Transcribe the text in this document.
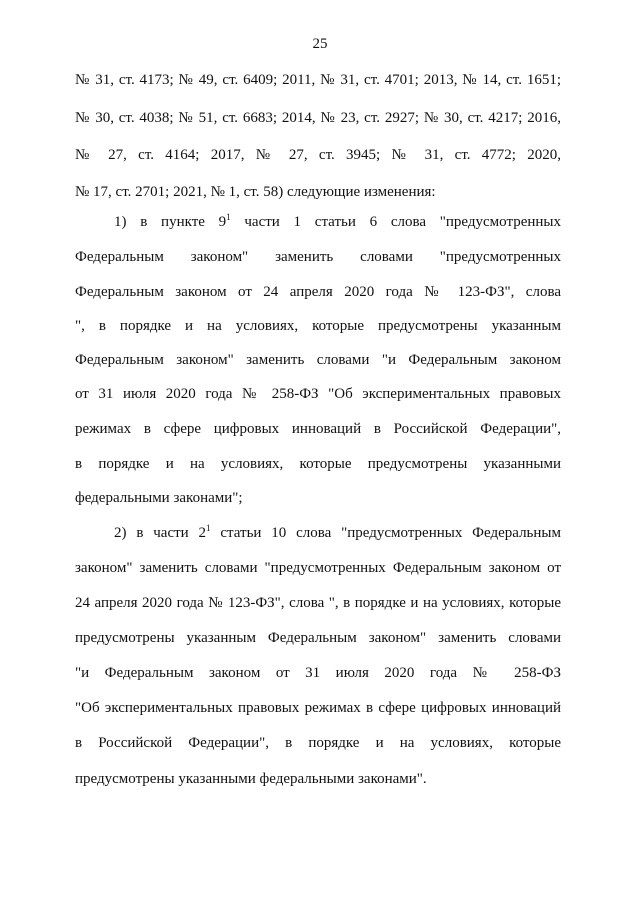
25
№ 31, ст. 4173; № 49, ст. 6409; 2011, № 31, ст. 4701; 2013, № 14, ст. 1651;
№ 30, ст. 4038; № 51, ст. 6683; 2014, № 23, ст. 2927; № 30, ст. 4217; 2016,
№ 27, ст. 4164; 2017, № 27, ст. 3945; № 31, ст. 4772; 2020,
№ 17, ст. 2701; 2021, № 1, ст. 58) следующие изменения:
1) в пункте $9^1$ части 1 статьи 6 слова "предусмотренных
Федеральным законом" заменить словами "предусмотренных
Федеральным законом от 24 апреля 2020 года № 123-ФЗ", слова
", в порядке и на условиях, которые предусмотрены указанным
Федеральным законом" заменить словами "и Федеральным законом
от 31 июля 2020 года № 258-ФЗ "Об экспериментальных правовых
режимах в сфере цифровых инноваций в Российской Федерации",
в порядке и на условиях, которые предусмотрены указанными
федеральными законами";
2) в части $2^1$ статьи 10 слова "предусмотренных Федеральным
законом" заменить словами "предусмотренных Федеральным законом от
24 апреля 2020 года № 123-ФЗ", слова ", в порядке и на условиях, которые
предусмотрены указанным Федеральным законом" заменить словами
"и Федеральным законом от 31 июля 2020 года № 258-ФЗ
"Об экспериментальных правовых режимах в сфере цифровых инноваций
в Российской Федерации", в порядке и на условиях, которые
предусмотрены указанными федеральными законами".
